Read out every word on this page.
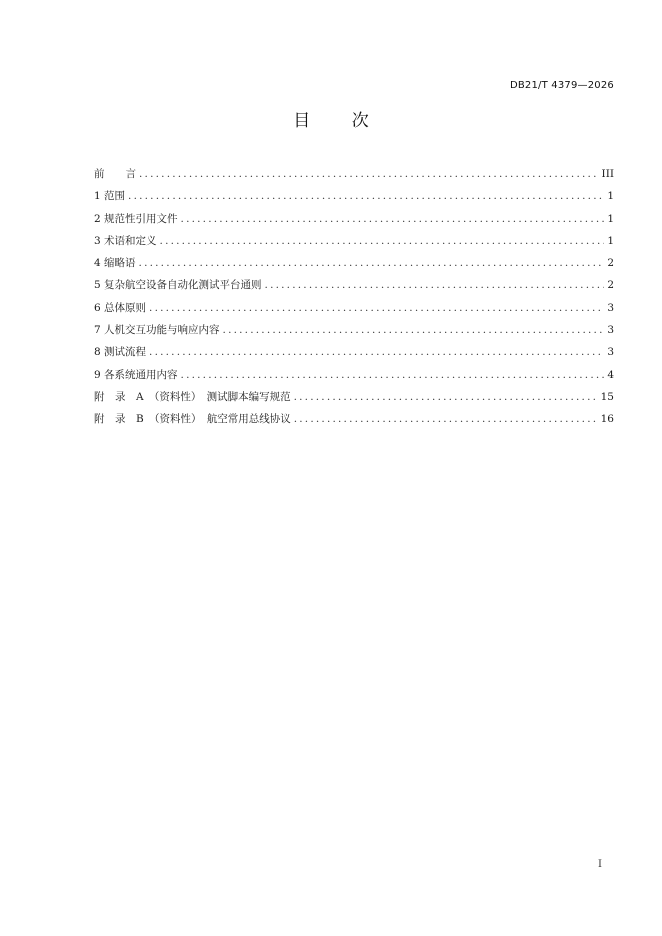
DB21/T 4379—2026
目 次
前　　言 .....	III
1 范围 .....	1
2 规范性引用文件 .....	1
3 术语和定义 .....	1
4 缩略语 .....	2
5 复杂航空设备自动化测试平台通则 .....	2
6 总体原则 .....	3
7 人机交互功能与响应内容 .....	3
8 测试流程 .....	3
9 各系统通用内容 .....	4
附　录　A　（资料性）　测试脚本编写规范 .....	15
附　录　B　（资料性）　航空常用总线协议 .....	16
I
